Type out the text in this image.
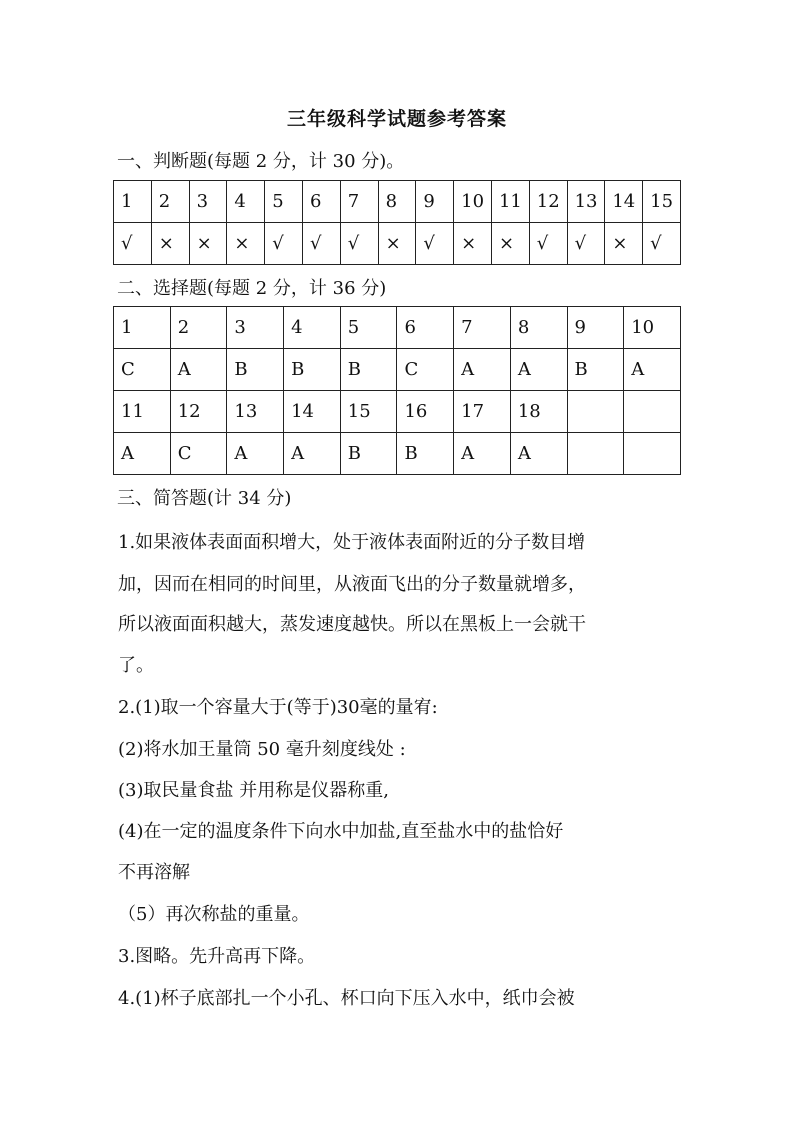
三年级科学试题参考答案
一、判断题(每题 2 分，计 30 分)。
1	2	3	4	5	6	7	8	9	10	11	12	13	14	15
√	×	×	×	√	√	√	×	√	×	×	√	√	×	√
二、选择题(每题 2 分，计 36 分)
1	2	3	4	5	6	7	8	9	10
C	A	B	B	B	C	A	A	B	A
11	12	13	14	15	16	17	18		
A	C	A	A	B	B	A	A		
三、简答题(计 34 分)
1.如果液体表面面积增大，处于液体表面附近的分子数目增
加，因而在相同的时间里，从液面飞出的分子数量就增多，
所以液面面积越大，蒸发速度越快。所以在黑板上一会就干
了。
2.(1)取一个容量大于(等于)30毫的量宥:
(2)将水加王量筒 50 毫升刻度线处 :
(3)取民量食盐 并用称是仪器称重,
(4)在一定的温度条件下向水中加盐,直至盐水中的盐恰好
不再溶解
（5）再次称盐的重量。
3.图略。先升高再下降。
4.(1)杯子底部扎一个小孔、杯口向下压入水中，纸巾会被
